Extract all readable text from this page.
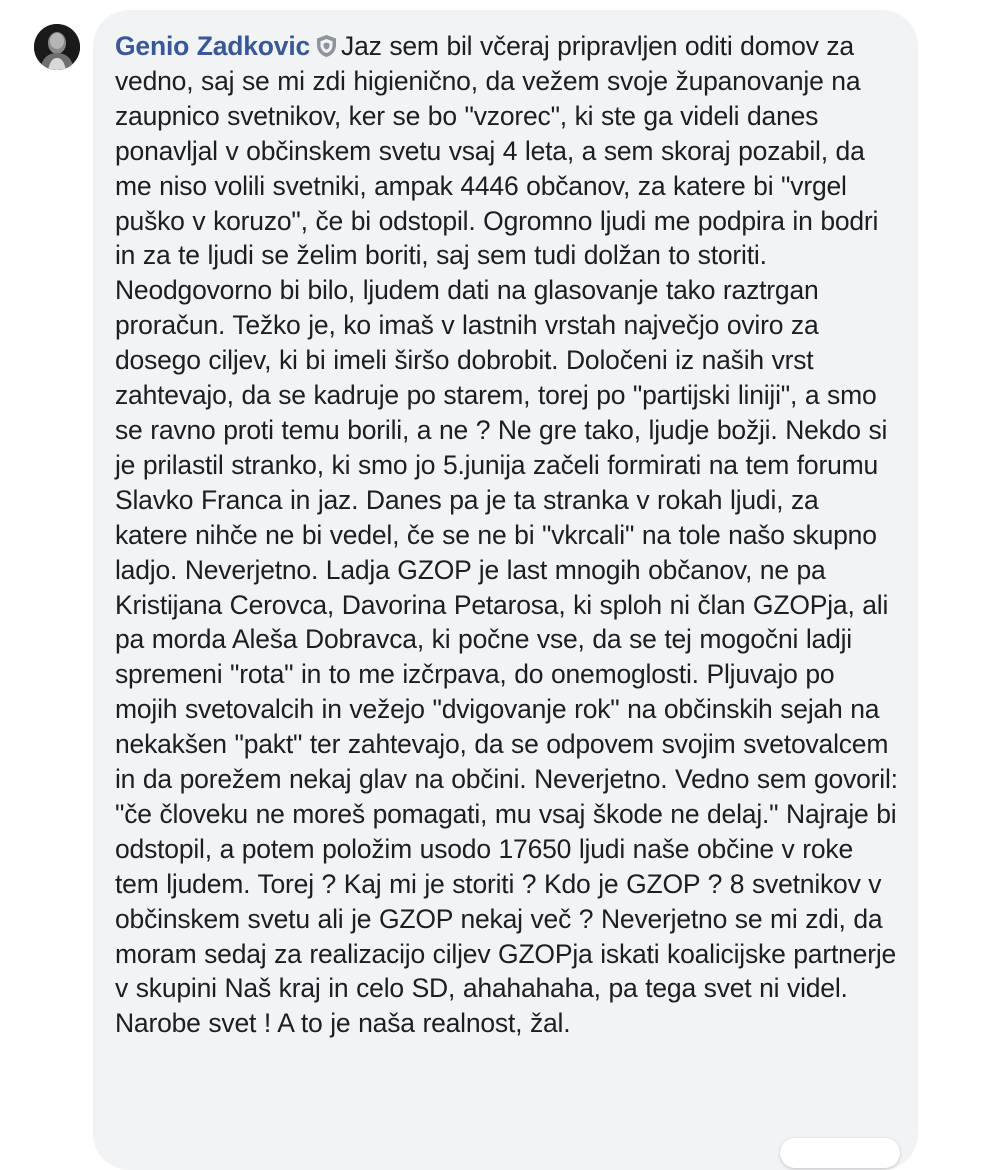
Genio Zadkovic Jaz sem bil včeraj pripravljen oditi domov za vedno, saj se mi zdi higienično, da vežem svoje županovanje na zaupnico svetnikov, ker se bo "vzorec", ki ste ga videli danes ponavljal v občinskem svetu vsaj 4 leta, a sem skoraj pozabil, da me niso volili svetniki, ampak 4446 občanov, za katere bi "vrgel puško v koruzo", če bi odstopil. Ogromno ljudi me podpira in bodri in za te ljudi se želim boriti, saj sem tudi dolžan to storiti. Neodgovorno bi bilo, ljudem dati na glasovanje tako raztrgan proračun. Težko je, ko imaš v lastnih vrstah največjo oviro za dosego ciljev, ki bi imeli širšo dobrobit. Določeni iz naših vrst zahtevajo, da se kadruje po starem, torej po "partijski liniji", a smo se ravno proti temu borili, a ne ? Ne gre tako, ljudje božji. Nekdo si je prilastil stranko, ki smo jo 5.junija začeli formirati na tem forumu Slavko Franca in jaz. Danes pa je ta stranka v rokah ljudi, za katere nihče ne bi vedel, če se ne bi "vkrcali" na tole našo skupno ladjo. Neverjetno. Ladja GZOP je last mnogih občanov, ne pa Kristijana Cerovca, Davorina Petarosa, ki sploh ni član GZOPja, ali pa morda Aleša Dobravca, ki počne vse, da se tej mogočni ladji spremeni "rota" in to me izčrpava, do onemoglosti. Pljuvajo po mojih svetovalcih in vežejo "dvigovanje rok" na občinskih sejah na nekakšen "pakt" ter zahtevajo, da se odpovem svojim svetovalcem in da porežem nekaj glav na občini. Neverjetno. Vedno sem govoril: "če človeku ne moreš pomagati, mu vsaj škode ne delaj." Najraje bi odstopil, a potem položim usodo 17650 ljudi naše občine v roke tem ljudem. Torej ? Kaj mi je storiti ? Kdo je GZOP ? 8 svetnikov v občinskem svetu ali je GZOP nekaj več ? Neverjetno se mi zdi, da moram sedaj za realizacijo ciljev GZOPja iskati koalicijske partnerje v skupini Naš kraj in celo SD, ahahahaha, pa tega svet ni videl. Narobe svet ! A to je naša realnost, žal.
